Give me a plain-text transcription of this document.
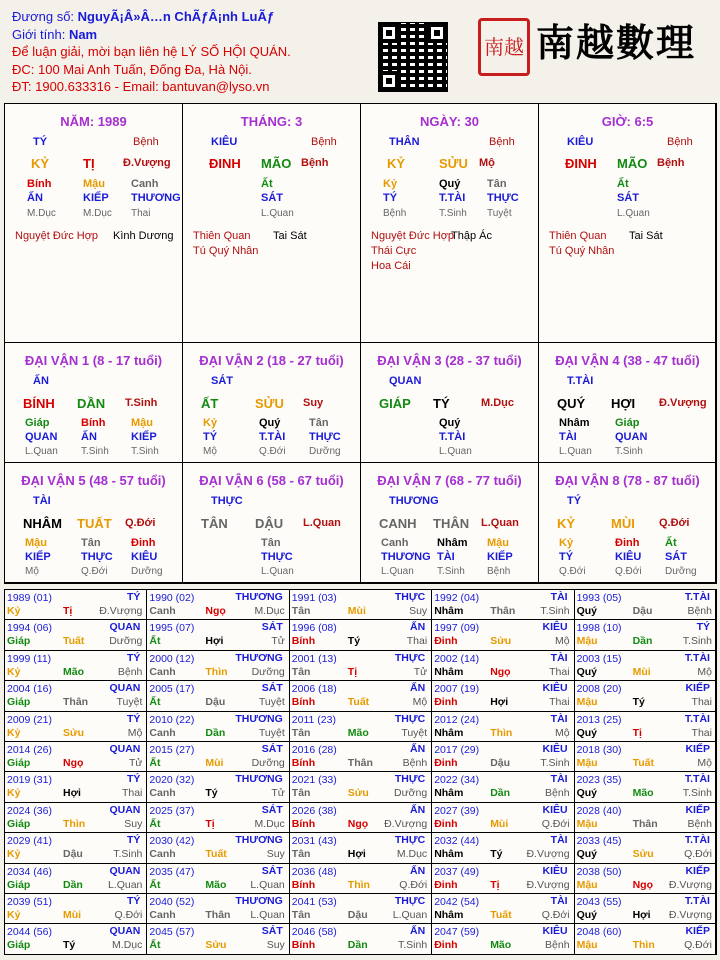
Đương số: NguyÃ¡Â»Â…n ChÃƒÂ¡nh LuÃƒ
Giới tính: Nam
Để luận giải, mời bạn liên hệ LÝ SỐ HỘI QUÁN.
ĐC: 100 Mai Anh Tuấn, Đống Đa, Hà Nội.
ĐT: 1900.633316 - Email: bantuvan@lyso.vn
南越 南越數理
NĂM: 1989
TÝ	Bệnh
KỶ	TỊ	Đ.Vượng
Bính
ẤN
M.Dục
Mậu
KIẾP
M.Dục
Canh
THƯƠNG
Thai
Nguyệt Đức Hợp Kình Dương
THÁNG: 3
KIÊU	Bệnh
ĐINH MÃO Bệnh
Ất
SÁT
L.Quan
Thiên Quan Tai Sát
Tú Quý Nhân
NGÀY: 30
THÂN	Bệnh
KỶ	SỬU Mộ
Kỷ
TÝ
Bệnh
Quý
T.TÀI
T.Sinh
Tân
THỰC
Tuyệt
Nguyệt Đức Hợp
Thập Ác
Thái Cực
Hoa Cái
GIỜ: 6:5
KIÊU	Bệnh
ĐINH MÃO Bệnh
Ất
SÁT
L.Quan
Thiên Quan Tai Sát
Tú Quý Nhân
ĐẠI VẬN 1 (8 - 17 tuổi)
ẤN
BÍNH DẦN T.Sinh
Giáp
QUAN
L.Quan
Bính
ẤN
T.Sinh
Mậu
KIẾP
T.Sinh
ĐẠI VẬN 2 (18 - 27 tuổi)
SÁT
ẤT	SỬU Suy
Kỷ
TÝ
Mộ
Quý
T.TÀI
Q.Đới
Tân
THỰC
Dưỡng
ĐẠI VẬN 3 (28 - 37 tuổi)
QUAN
GIÁP TÝ	M.Dục
Quý
T.TÀI
L.Quan
ĐẠI VẬN 4 (38 - 47 tuổi)
T.TÀI
QUÝ HỢI Đ.Vượng
Nhâm
TÀI
L.Quan
Giáp
QUAN
T.Sinh
ĐẠI VẬN 5 (48 - 57 tuổi)
TÀI
NHÂM TUẤT Q.Đới
Mậu
KIẾP
Mộ
Tân
THỰC
Q.Đới
Đinh
KIÊU
Dưỡng
ĐẠI VẬN 6 (58 - 67 tuổi)
THỰC
TÂN DẬU L.Quan
Tân
THỰC
L.Quan
ĐẠI VẬN 7 (68 - 77 tuổi)
THƯƠNG
CANH THÂN L.Quan
Canh
THƯƠNG
L.Quan
Nhâm
TÀI
T.Sinh
Mậu
KIẾP
Bệnh
ĐẠI VẬN 8 (78 - 87 tuổi)
TÝ
KỶ	MÙI Q.Đới
Kỷ
TÝ
Q.Đới
Đinh
KIÊU
Q.Đới
Ất
SÁT
Dưỡng
1989 (01)	TÝ
Kỷ	Tị	Đ.Vượng
1990 (02)	THƯƠNG
Canh	Ngọ	M.Dục
1991 (03)	THỰC
Tân	Mùi	Suy
1992 (04)	TÀI
Nhâm	Thân T.Sinh
1993 (05)	T.TÀI
Quý	Dậu	Bệnh
1994 (06)	QUAN
Giáp	Tuất Dưỡng
1995 (07)	SÁT
Ất	Hợi	Tử
1996 (08)	ẤN
Bính	Tý	Thai
1997 (09)	KIÊU
Đinh	Sửu	Mộ
1998 (10)	TÝ
Mậu	Dần	T.Sinh
1999 (11)	TÝ
Kỷ	Mão	Bệnh
2000 (12)	THƯƠNG
Canh	Thìn Dưỡng
2001 (13)	THỰC
Tân	Tị	Tử
2002 (14)	TÀI
Nhâm	Ngọ	Thai
2003 (15)	T.TÀI
Quý	Mùi	Mộ
2004 (16)	QUAN
Giáp	Thân	Tuyệt
2005 (17)	SÁT
Ất	Dậu	Tuyệt
2006 (18)	ẤN
Bính	Tuất	Mộ
2007 (19)	KIÊU
Đinh	Hợi	Thai
2008 (20)	KIẾP
Mậu	Tý	Thai
2009 (21)	TÝ
Kỷ	Sửu	Mộ
2010 (22)	THƯƠNG
Canh	Dần	Tuyệt
2011 (23)	THỰC
Tân	Mão	Tuyệt
2012 (24)	TÀI
Nhâm	Thìn	Mộ
2013 (25)	T.TÀI
Quý	Tị	Thai
2014 (26)	QUAN
Giáp	Ngọ	Tử
2015 (27)	SÁT
Ất	Mùi	Dưỡng
2016 (28)	ẤN
Bính	Thân	Bệnh
2017 (29)	KIÊU
Đinh	Dậu	T.Sinh
2018 (30)	KIẾP
Mậu	Tuất	Mộ
2019 (31)	TÝ
Kỷ	Hợi	Thai
2020 (32)	THƯƠNG
Canh	Tý	Tử
2021 (33)	THỰC
Tân	Sửu Dưỡng
2022 (34)	TÀI
Nhâm	Dần	Bệnh
2023 (35)	T.TÀI
Quý	Mão	T.Sinh
2024 (36)	QUAN
Giáp	Thìn	Suy
2025 (37)	SÁT
Ất	Tị	M.Dục
2026 (38)	ẤN
Bính	Ngọ Đ.Vượng
2027 (39)	KIÊU
Đinh	Mùi	Q.Đới
2028 (40)	KIẾP
Mậu	Thân	Bệnh
2029 (41)	TÝ
Kỷ	Dậu	T.Sinh
2030 (42)	THƯƠNG
Canh	Tuất	Suy
2031 (43)	THỰC
Tân	Hợi	M.Dục
2032 (44)	TÀI
Nhâm	Tý Đ.Vượng
2033 (45)	T.TÀI
Quý	Sửu	Q.Đới
2034 (46)	QUAN
Giáp	Dần L.Quan
2035 (47)	SÁT
Ất	Mão L.Quan
2036 (48)	ẤN
Bính	Thìn	Q.Đới
2037 (49)	KIÊU
Đinh	Tị	Đ.Vượng
2038 (50)	KIẾP
Mậu	Ngọ Đ.Vượng
2039 (51)	TÝ
Kỷ	Mùi	Q.Đới
2040 (52)	THƯƠNG
Canh	Thân L.Quan
2041 (53)	THỰC
Tân	Dậu L.Quan
2042 (54)	TÀI
Nhâm	Tuất	Q.Đới
2043 (55)	T.TÀI
Quý	Hợi Đ.Vượng
2044 (56)	QUAN
Giáp	Tý	M.Dục
2045 (57)	SÁT
Ất	Sửu	Suy
2046 (58)	ẤN
Bính	Dần	T.Sinh
2047 (59)	KIÊU
Đinh	Mão	Bệnh
2048 (60)	KIẾP
Mậu	Thìn	Q.Đới
